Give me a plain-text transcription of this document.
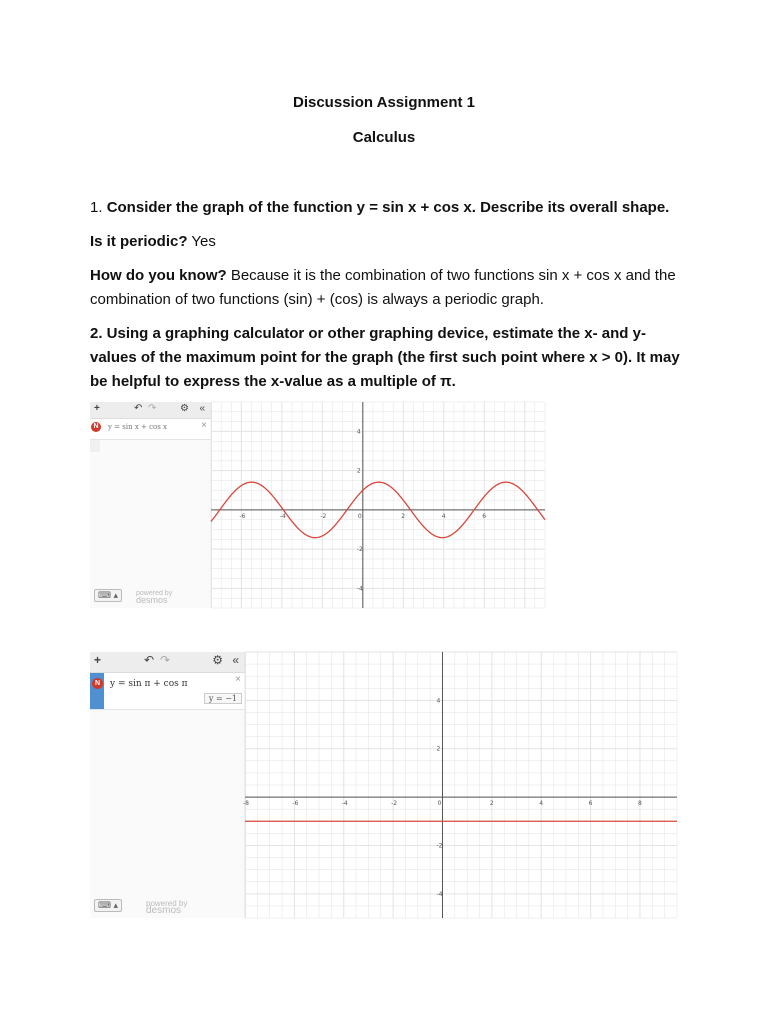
Discussion Assignment 1
Calculus
1. Consider the graph of the function y = sin x + cos x. Describe its overall shape.
Is it periodic? Yes
How do you know? Because it is the combination of two functions sin x + cos x and the combination of two functions (sin) + (cos) is always a periodic graph.
2. Using a graphing calculator or other graphing device, estimate the x- and y-values of the maximum point for the graph (the first such point where x > 0). It may be helpful to express the x-value as a multiple of π.
+	↶ ↷ ⚙ «
N	y = sin x + cos x	×
⌨ ▴	powered by
desmos
-6	-4	-2	0	2	4	6
4
2
-2
-4
+	↶ ↷	⚙ «
N	y = sin π + cos π	×
y = −1
⌨ ▴	powered by
desmos
-8	-6	-4	-2	0	2	4	6	8
4
2
-2
-4
